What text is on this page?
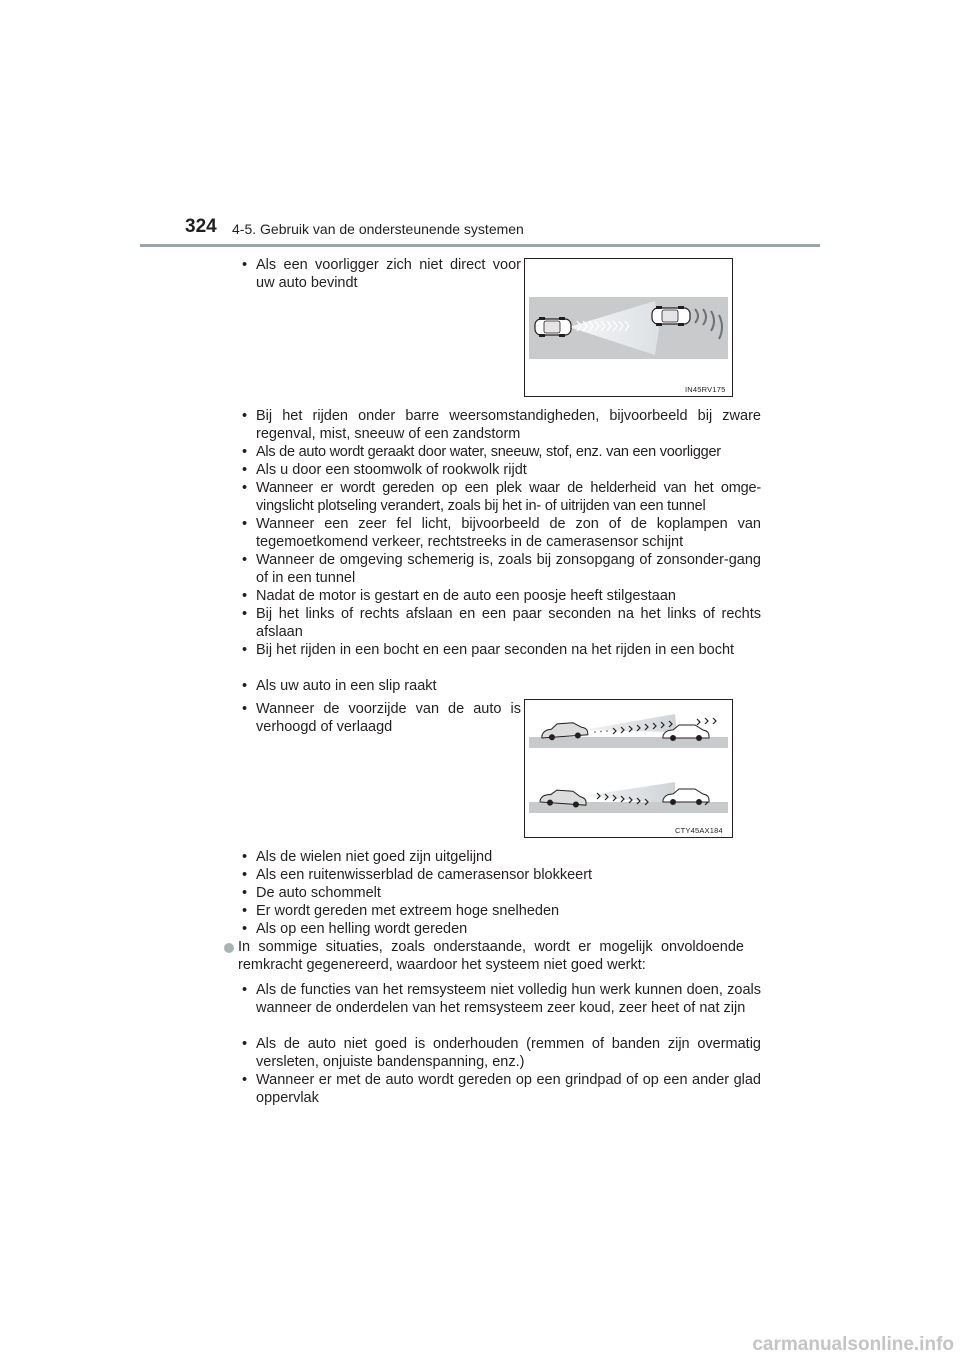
324 4-5. Gebruik van de ondersteunende systemen
• Als een voorligger zich niet direct voor uw auto bevindt
IN45RV175
• Bij het rijden onder barre weersomstandigheden, bijvoorbeeld bij zware regenval, mist, sneeuw of een zandstorm
• Als de auto wordt geraakt door water, sneeuw, stof, enz. van een voorligger
• Als u door een stoomwolk of rookwolk rijdt
• Wanneer er wordt gereden op een plek waar de helderheid van het omge-vingslicht plotseling verandert, zoals bij het in- of uitrijden van een tunnel
• Wanneer een zeer fel licht, bijvoorbeeld de zon of de koplampen van tegemoetkomend verkeer, rechtstreeks in de camerasensor schijnt
• Wanneer de omgeving schemerig is, zoals bij zonsopgang of zonsonder-gang of in een tunnel
• Nadat de motor is gestart en de auto een poosje heeft stilgestaan
• Bij het links of rechts afslaan en een paar seconden na het links of rechts afslaan
• Bij het rijden in een bocht en een paar seconden na het rijden in een bocht
• Als uw auto in een slip raakt
• Wanneer de voorzijde van de auto is verhoogd of verlaagd
CTY45AX184
• Als de wielen niet goed zijn uitgelijnd
• Als een ruitenwisserblad de camerasensor blokkeert
• De auto schommelt
• Er wordt gereden met extreem hoge snelheden
• Als op een helling wordt gereden
In sommige situaties, zoals onderstaande, wordt er mogelijk onvoldoende remkracht gegenereerd, waardoor het systeem niet goed werkt:
• Als de functies van het remsysteem niet volledig hun werk kunnen doen, zoals wanneer de onderdelen van het remsysteem zeer koud, zeer heet of nat zijn
• Als de auto niet goed is onderhouden (remmen of banden zijn overmatig versleten, onjuiste bandenspanning, enz.)
• Wanneer er met de auto wordt gereden op een grindpad of op een ander glad oppervlak
carmanualsonline.info
